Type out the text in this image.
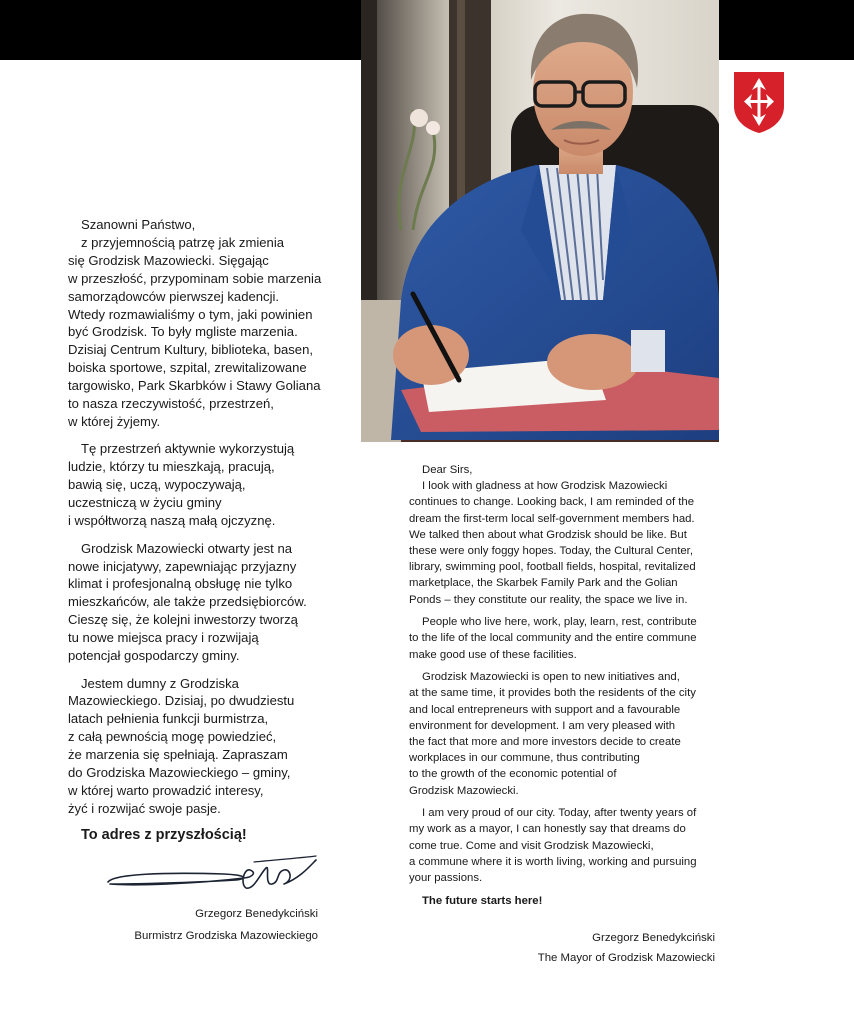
Szanowni Państwo,
z przyjemnością patrzę jak zmienia
się Grodzisk Mazowiecki. Sięgając
w przeszłość, przypominam sobie marzenia
samorządowców pierwszej kadencji.
Wtedy rozmawialiśmy o tym, jaki powinien
być Grodzisk. To były mgliste marzenia.
Dzisiaj Centrum Kultury, biblioteka, basen,
boiska sportowe, szpital, zrewitalizowane
targowisko, Park Skarbków i Stawy Goliana
to nasza rzeczywistość, przestrzeń,
w której żyjemy.

Tę przestrzeń aktywnie wykorzystują
ludzie, którzy tu mieszkają, pracują,
bawią się, uczą, wypoczywają,
uczestniczą w życiu gminy
i współtworzą naszą małą ojczyznę.

Grodzisk Mazowiecki otwarty jest na
nowe inicjatywy, zapewniając przyjazny
klimat i profesjonalną obsługę nie tylko
mieszkańców, ale także przedsiębiorców.
Cieszę się, że kolejni inwestorzy tworzą
tu nowe miejsca pracy i rozwijają
potencjał gospodarczy gminy.

Jestem dumny z Grodziska
Mazowieckiego. Dzisiaj, po dwudziestu
latach pełnienia funkcji burmistrza,
z całą pewnością mogę powiedzieć,
że marzenia się spełniają. Zapraszam
do Grodziska Mazowieckiego – gminy,
w której warto prowadzić interesy,
żyć i rozwijać swoje pasje.

To adres z przyszłością!
Grzegorz Benedykciński
Burmistrz Grodziska Mazowieckiego

Dear Sirs,
I look with gladness at how Grodzisk Mazowiecki
continues to change. Looking back, I am reminded of the
dream the first-term local self-government members had.
We talked then about what Grodzisk should be like. But
these were only foggy hopes. Today, the Cultural Center,
library, swimming pool, football fields, hospital, revitalized
marketplace, the Skarbek Family Park and the Golian
Ponds – they constitute our reality, the space we live in.

People who live here, work, play, learn, rest, contribute
to the life of the local community and the entire commune
make good use of these facilities.

Grodzisk Mazowiecki is open to new initiatives and,
at the same time, it provides both the residents of the city
and local entrepreneurs with support and a favourable
environment for development. I am very pleased with
the fact that more and more investors decide to create
workplaces in our commune, thus contributing
to the growth of the economic potential of
Grodzisk Mazowiecki.

I am very proud of our city. Today, after twenty years of
my work as a mayor, I can honestly say that dreams do
come true. Come and visit Grodzisk Mazowiecki,
a commune where it is worth living, working and pursuing
your passions.

The future starts here!
Grzegorz Benedykciński
The Mayor of Grodzisk Mazowiecki
